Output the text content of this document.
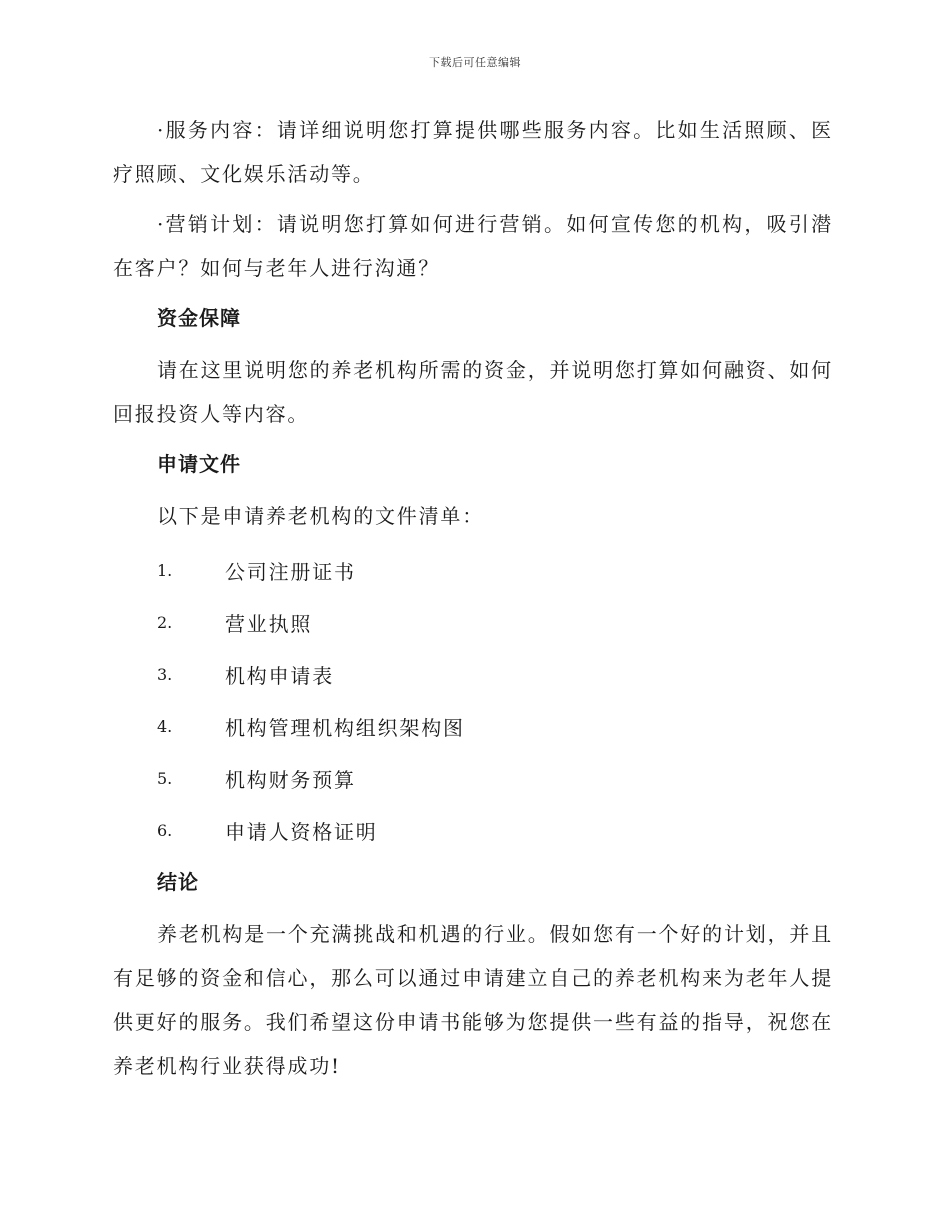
下载后可任意编辑

·服务内容：请详细说明您打算提供哪些服务内容。比如生活照顾、医疗照顾、文化娱乐活动等。

·营销计划：请说明您打算如何进行营销。如何宣传您的机构，吸引潜在客户？如何与老年人进行沟通？

资金保障

请在这里说明您的养老机构所需的资金，并说明您打算如何融资、如何回报投资人等内容。

申请文件

以下是申请养老机构的文件清单：

1.	公司注册证书
2.	营业执照
3.	机构申请表
4.	机构管理机构组织架构图
5.	机构财务预算
6.	申请人资格证明
结论

养老机构是一个充满挑战和机遇的行业。假如您有一个好的计划，并且有足够的资金和信心，那么可以通过申请建立自己的养老机构来为老年人提供更好的服务。我们希望这份申请书能够为您提供一些有益的指导，祝您在养老机构行业获得成功!
